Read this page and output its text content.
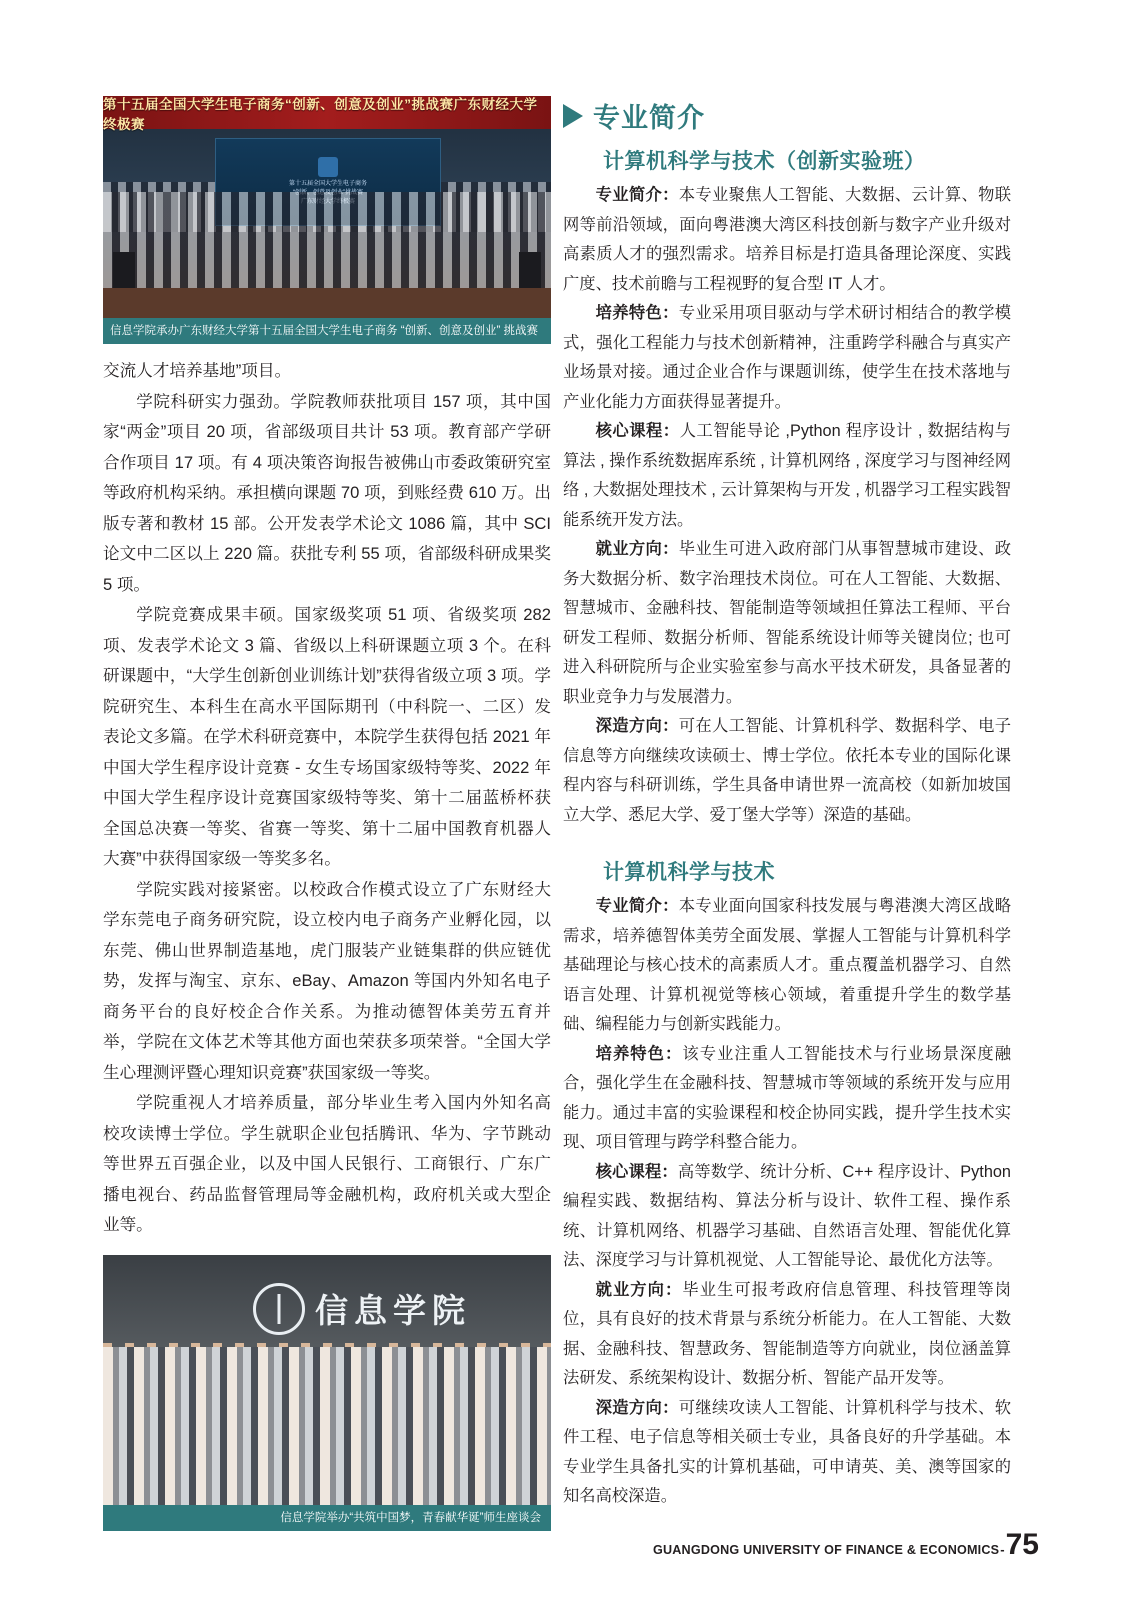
第十五届全国大学生电子商务“创新、创意及创业”挑战赛广东财经大学终极赛
第十五届全国大学生电子商务
信息学院承办广东财经大学第十五届全国大学生电子商务 “创新、创意及创业” 挑战赛

交流人才培养基地”项目。

学院科研实力强劲。学院教师获批项目 157 项，其中国家“两金”项目 20 项，省部级项目共计 53 项。教育部产学研合作项目 17 项。有 4 项决策咨询报告被佛山市委政策研究室等政府机构采纳。承担横向课题 70 项，到账经费 610 万。出版专著和教材 15 部。公开发表学术论文 1086 篇，其中 SCI 论文中二区以上 220 篇。获批专利 55 项，省部级科研成果奖 5 项。

学院竞赛成果丰硕。国家级奖项 51 项、省级奖项 282 项、发表学术论文 3 篇、省级以上科研课题立项 3 个。在科研课题中，“大学生创新创业训练计划”获得省级立项 3 项。学院研究生、本科生在高水平国际期刊（中科院一、二区）发表论文多篇。在学术科研竞赛中，本院学生获得包括 2021 年中国大学生程序设计竞赛 - 女生专场国家级特等奖、2022 年中国大学生程序设计竞赛国家级特等奖、第十二届蓝桥杯获全国总决赛一等奖、省赛一等奖、第十二届中国教育机器人大赛”中获得国家级一等奖多名。

学院实践对接紧密。以校政合作模式设立了广东财经大学东莞电子商务研究院，设立校内电子商务产业孵化园，以东莞、佛山世界制造基地，虎门服装产业链集群的供应链优势，发挥与淘宝、京东、eBay、Amazon 等国内外知名电子商务平台的良好校企合作关系。为推动德智体美劳五育并举，学院在文体艺术等其他方面也荣获多项荣誉。“全国大学生心理测评暨心理知识竞赛”获国家级一等奖。

学院重视人才培养质量，部分毕业生考入国内外知名高校攻读博士学位。学生就职企业包括腾讯、华为、字节跳动等世界五百强企业，以及中国人民银行、工商银行、广东广播电视台、药品监督管理局等金融机构，政府机关或大型企业等。

信息学院
信息学院举办“共筑中国梦，青春献华诞”师生座谈会
专业简介
计算机科学与技术（创新实验班）

专业简介：本专业聚焦人工智能、大数据、云计算、物联网等前沿领域，面向粤港澳大湾区科技创新与数字产业升级对高素质人才的强烈需求。培养目标是打造具备理论深度、实践广度、技术前瞻与工程视野的复合型 IT 人才。

培养特色：专业采用项目驱动与学术研讨相结合的教学模式，强化工程能力与技术创新精神，注重跨学科融合与真实产业场景对接。通过企业合作与课题训练，使学生在技术落地与产业化能力方面获得显著提升。

核心课程：人工智能导论 ,Python 程序设计 , 数据结构与算法 , 操作系统数据库系统 , 计算机网络 , 深度学习与图神经网络 , 大数据处理技术 , 云计算架构与开发 , 机器学习工程实践智能系统开发方法。

就业方向：毕业生可进入政府部门从事智慧城市建设、政务大数据分析、数字治理技术岗位。可在人工智能、大数据、智慧城市、金融科技、智能制造等领域担任算法工程师、平台研发工程师、数据分析师、智能系统设计师等关键岗位; 也可进入科研院所与企业实验室参与高水平技术研发，具备显著的职业竞争力与发展潜力。

深造方向：可在人工智能、计算机科学、数据科学、电子信息等方向继续攻读硕士、博士学位。依托本专业的国际化课程内容与科研训练，学生具备申请世界一流高校（如新加坡国立大学、悉尼大学、爱丁堡大学等）深造的基础。

计算机科学与技术

专业简介：本专业面向国家科技发展与粤港澳大湾区战略需求，培养德智体美劳全面发展、掌握人工智能与计算机科学基础理论与核心技术的高素质人才。重点覆盖机器学习、自然语言处理、计算机视觉等核心领域，着重提升学生的数学基础、编程能力与创新实践能力。

培养特色：该专业注重人工智能技术与行业场景深度融合，强化学生在金融科技、智慧城市等领域的系统开发与应用能力。通过丰富的实验课程和校企协同实践，提升学生技术实现、项目管理与跨学科整合能力。

核心课程：高等数学、统计分析、C++ 程序设计、Python 编程实践、数据结构、算法分析与设计、软件工程、操作系统、计算机网络、机器学习基础、自然语言处理、智能优化算法、深度学习与计算机视觉、人工智能导论、最优化方法等。

就业方向：毕业生可报考政府信息管理、科技管理等岗位，具有良好的技术背景与系统分析能力。在人工智能、大数据、金融科技、智慧政务、智能制造等方向就业，岗位涵盖算法研发、系统架构设计、数据分析、智能产品开发等。

深造方向：可继续攻读人工智能、计算机科学与技术、软件工程、电子信息等相关硕士专业，具备良好的升学基础。本专业学生具备扎实的计算机基础，可申请英、美、澳等国家的知名高校深造。

GUANGDONG UNIVERSITY OF FINANCE & ECONOMICS - 75
